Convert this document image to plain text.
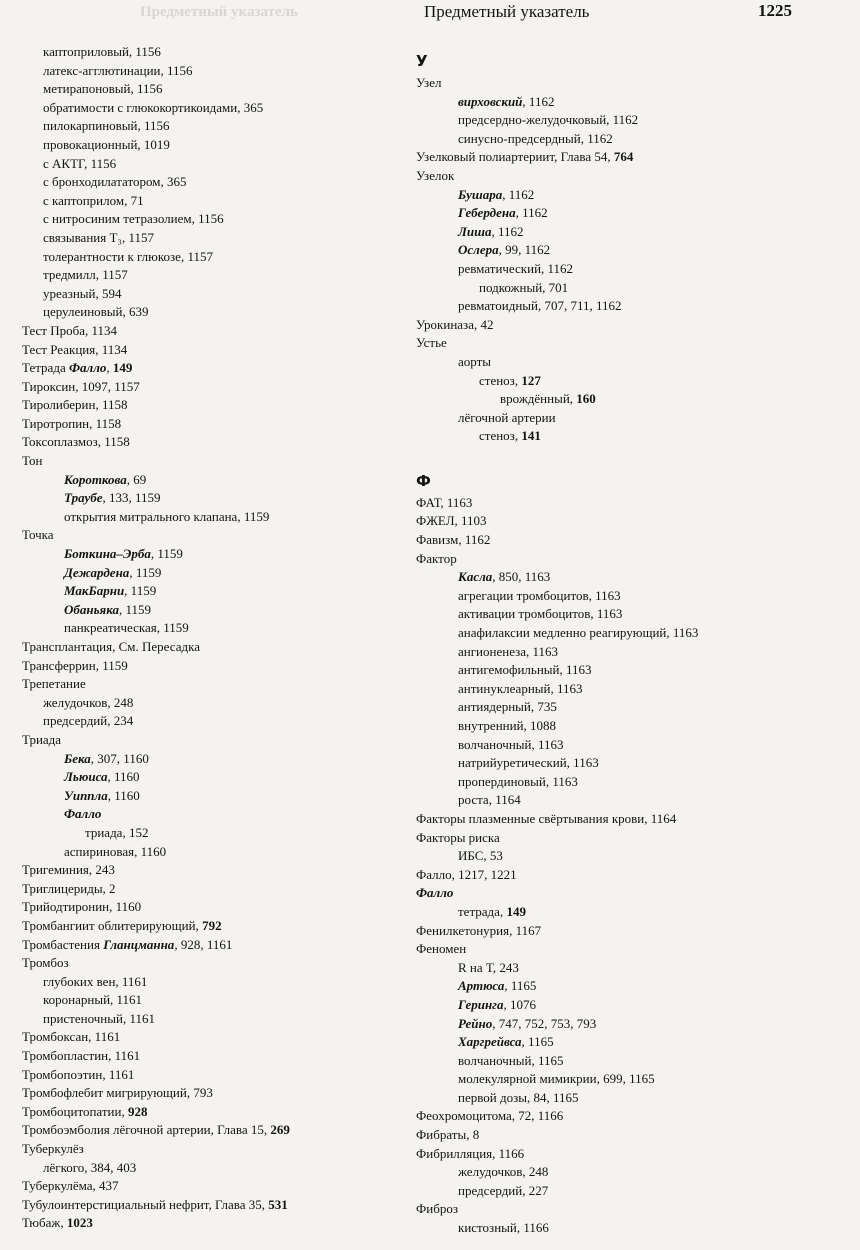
Предметный указатель	Предметный указатель	1225
каптоприловый, 1156
латекс-агглютинации, 1156
метирапоновый, 1156
обратимости с глюкокортикоидами, 365
пилокарпиновый, 1156
провокационный, 1019
с АКТГ, 1156
с бронходилататором, 365
с каптоприлом, 71
с нитросиним тетразолием, 1156
связывания T₃, 1157
толерантности к глюкозе, 1157
тредмилл, 1157
уреазный, 594
церулеиновый, 639
Тест Проба, 1134
Тест Реакция, 1134
Тетрада Фалло, 149
Тироксин, 1097, 1157
Тиролиберин, 1158
Тиротропин, 1158
Токсоплазмоз, 1158
Тон
Короткова, 69
Траубе, 133, 1159
открытия митрального клапана, 1159
Точка
Боткина–Эрба, 1159
Дежардена, 1159
МакБарни, 1159
Обаньяка, 1159
панкреатическая, 1159
Трансплантация, См. Пересадка
Трансферрин, 1159
Трепетание
желудочков, 248
предсердий, 234
Триада
Бека, 307, 1160
Льюиса, 1160
Уиппла, 1160
Фалло
триада, 152
аспириновая, 1160
Тригеминия, 243
Триглицериды, 2
Трийодтиронин, 1160
Тромбангиит облитерирующий, 792
Тромбастения Гланцманна, 928, 1161
Тромбоз
глубоких вен, 1161
коронарный, 1161
пристеночный, 1161
Тромбоксан, 1161
Тромбопластин, 1161
Тромбопоэтин, 1161
Тромбофлебит мигрирующий, 793
Тромбоцитопатии, 928
Тромбоэмболия лёгочной артерии, Глава 15, 269
Туберкулёз
лёгкого, 384, 403
Туберкулёма, 437
Тубулоинтерстициальный нефрит, Глава 35, 531
Тюбаж, 1023
У
Узел
вирховский, 1162
предсердно-желудочковый, 1162
синусно-предсердный, 1162
Узелковый полиартериит, Глава 54, 764
Узелок
Бушара, 1162
Гебердена, 1162
Лиша, 1162
Ослера, 99, 1162
ревматический, 1162
подкожный, 701
ревматоидный, 707, 711, 1162
Урокиназа, 42
Устье
аорты
стеноз, 127
врождённый, 160
лёгочной артерии
стеноз, 141
Ф
ФАТ, 1163
ФЖЕЛ, 1103
Фавизм, 1162
Фактор
Касла, 850, 1163
агрегации тромбоцитов, 1163
активации тромбоцитов, 1163
анафилаксии медленно реагирующий, 1163
ангионенеза, 1163
антигемофильный, 1163
антинуклеарный, 1163
антиядерный, 735
внутренний, 1088
волчаночный, 1163
натрийуретический, 1163
пропердиновый, 1163
роста, 1164
Факторы плазменные свёртывания крови, 1164
Факторы риска
ИБС, 53
Фалло, 1217, 1221
Фалло
тетрада, 149
Фенилкетонурия, 1167
Феномен
R на T, 243
Артюса, 1165
Геринга, 1076
Рейно, 747, 752, 753, 793
Харгрейвса, 1165
волчаночный, 1165
молекулярной мимикрии, 699, 1165
первой дозы, 84, 1165
Феохромоцитома, 72, 1166
Фибраты, 8
Фибрилляция, 1166
желудочков, 248
предсердий, 227
Фиброз
кистозный, 1166
